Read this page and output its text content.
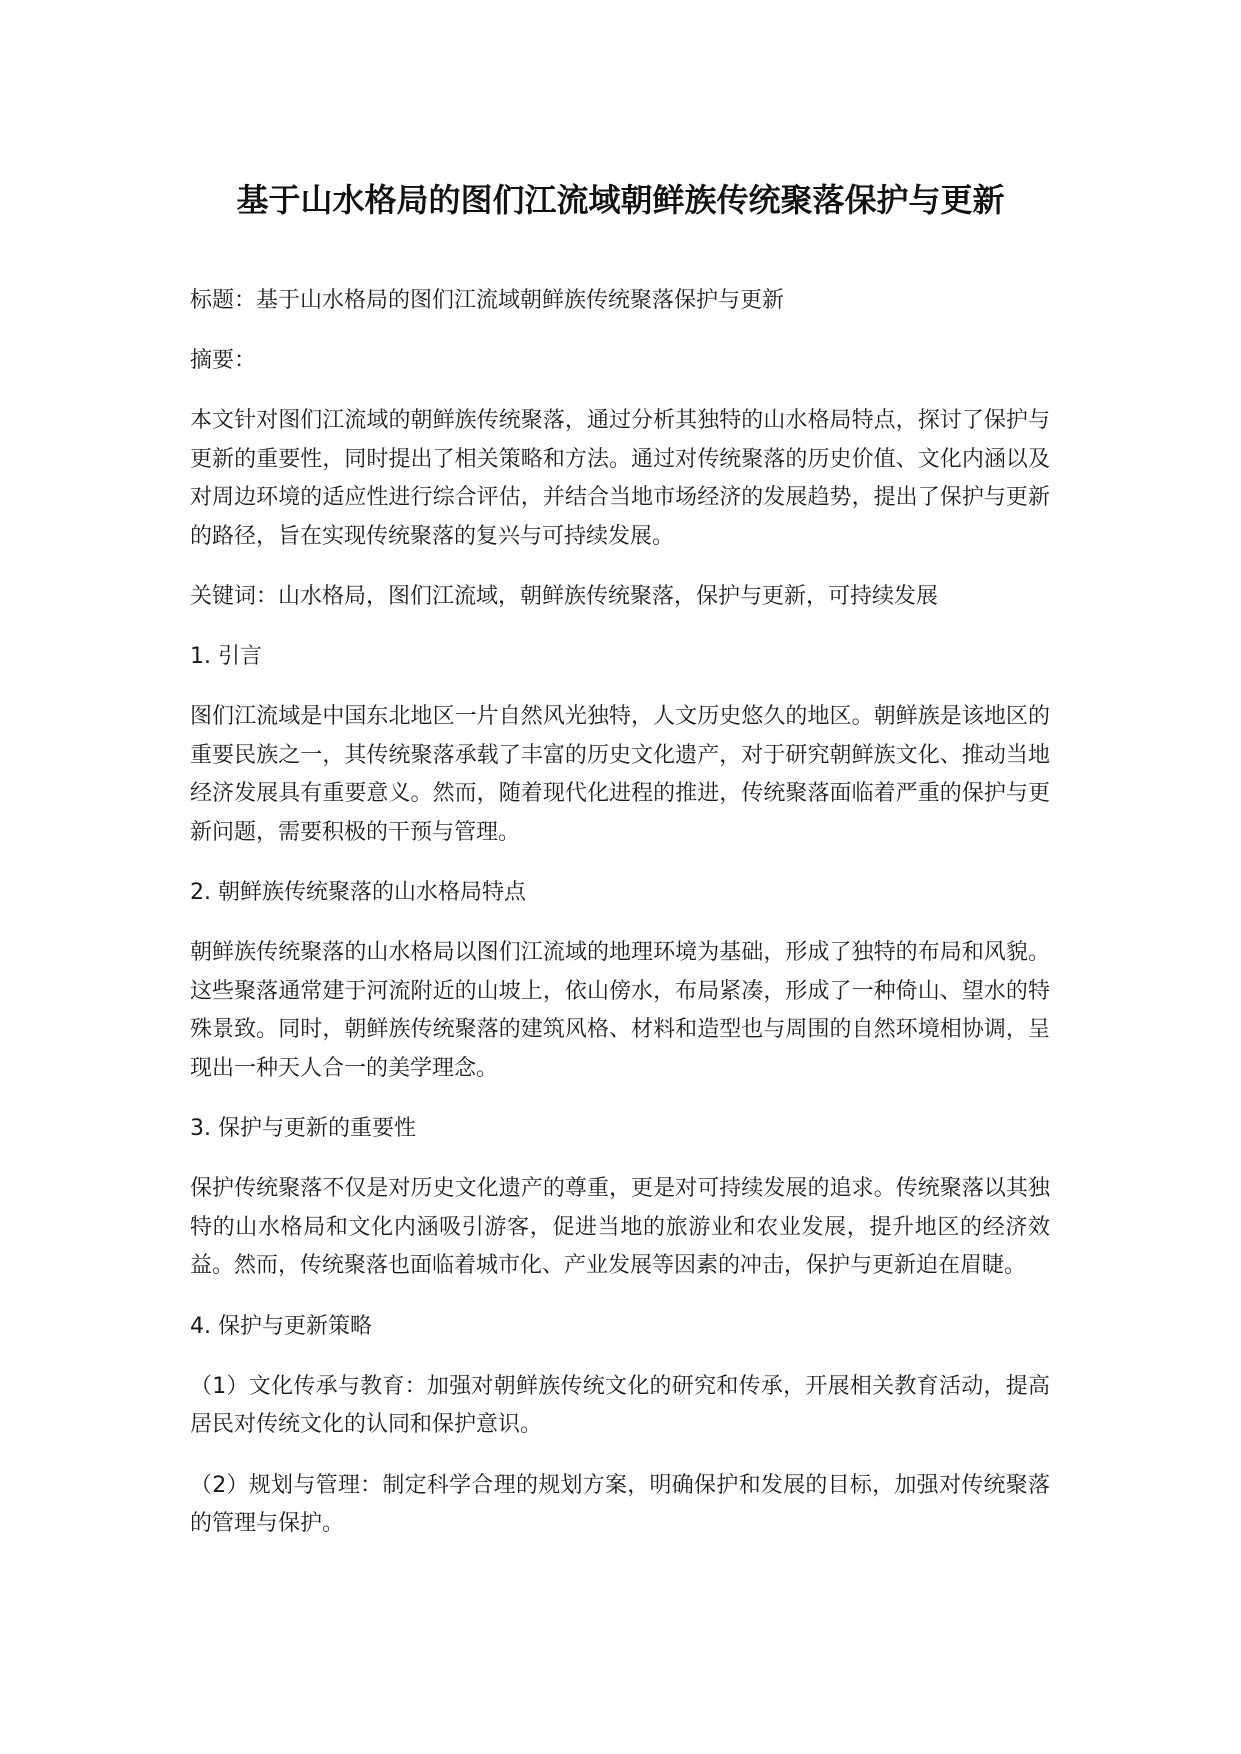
基于山水格局的图们江流域朝鲜族传统聚落保护与更新

标题：基于山水格局的图们江流域朝鲜族传统聚落保护与更新

摘要：

本文针对图们江流域的朝鲜族传统聚落，通过分析其独特的山水格局特点，探讨了保护与更新的重要性，同时提出了相关策略和方法。通过对传统聚落的历史价值、文化内涵以及对周边环境的适应性进行综合评估，并结合当地市场经济的发展趋势，提出了保护与更新的路径，旨在实现传统聚落的复兴与可持续发展。

关键词：山水格局，图们江流域，朝鲜族传统聚落，保护与更新，可持续发展

1. 引言

图们江流域是中国东北地区一片自然风光独特，人文历史悠久的地区。朝鲜族是该地区的重要民族之一，其传统聚落承载了丰富的历史文化遗产，对于研究朝鲜族文化、推动当地经济发展具有重要意义。然而，随着现代化进程的推进，传统聚落面临着严重的保护与更新问题，需要积极的干预与管理。

2. 朝鲜族传统聚落的山水格局特点

朝鲜族传统聚落的山水格局以图们江流域的地理环境为基础，形成了独特的布局和风貌。这些聚落通常建于河流附近的山坡上，依山傍水，布局紧凑，形成了一种倚山、望水的特殊景致。同时，朝鲜族传统聚落的建筑风格、材料和造型也与周围的自然环境相协调，呈现出一种天人合一的美学理念。

3. 保护与更新的重要性

保护传统聚落不仅是对历史文化遗产的尊重，更是对可持续发展的追求。传统聚落以其独特的山水格局和文化内涵吸引游客，促进当地的旅游业和农业发展，提升地区的经济效益。然而，传统聚落也面临着城市化、产业发展等因素的冲击，保护与更新迫在眉睫。

4. 保护与更新策略

（1）文化传承与教育：加强对朝鲜族传统文化的研究和传承，开展相关教育活动，提高居民对传统文化的认同和保护意识。

（2）规划与管理：制定科学合理的规划方案，明确保护和发展的目标，加强对传统聚落的管理与保护。
